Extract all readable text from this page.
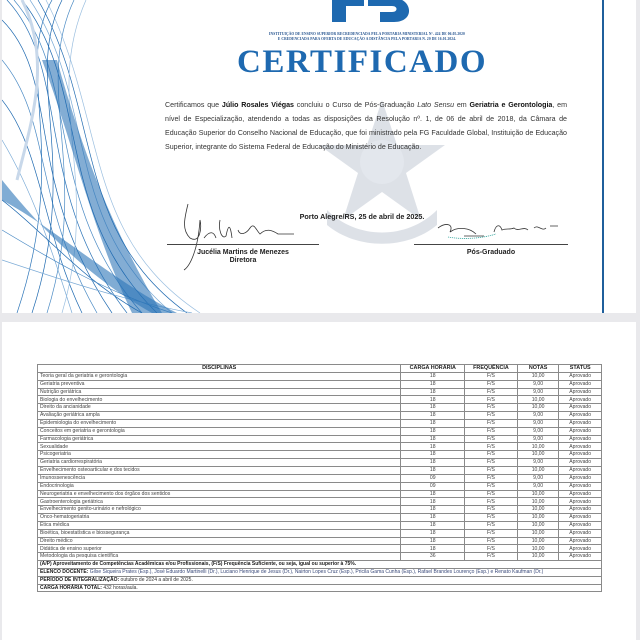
INSTITUIÇÃO DE ENSINO SUPERIOR RECREDENCIADA PELA PORTARIA MINISTERIAL Nº. 424 DE 06.05.2020
E CREDENCIADA PARA OFERTA DE EDUCAÇÃO A DISTÂNCIA PELA PORTARIA N. 20 DE 16.01.2024.
CERTIFICADO
Certificamos que Júlio Rosales Viégas concluiu o Curso de Pós-Graduação Lato Sensu em Geriatria e Gerontologia, em nível de Especialização, atendendo a todas as disposições da Resolução nº. 1, de 06 de abril de 2018, da Câmara de Educação Superior do Conselho Nacional de Educação, que foi ministrado pela FG Faculdade Global, Instituição de Educação Superior, integrante do Sistema Federal de Educação do Ministério de Educação.
Porto Alegre/RS, 25 de abril de 2025.
Jucélia Martins de Menezes
Diretora
Pós-Graduado
DISCIPLINAS	CARGA HORÁRIA	FREQUÊNCIA	NOTAS	STATUS
Teoria geral da geriatria e gerontologia	18	F/S	10,00	Aprovado
Geriatria preventiva	18	F/S	9,00	Aprovado
Nutrição geriátrica	18	F/S	9,00	Aprovado
Biologia do envelhecimento	18	F/S	10,00	Aprovado
Direito da ancianidade	18	F/S	10,00	Aprovado
Avaliação geriátrica ampla	18	F/S	9,00	Aprovado
Epidemiologia do envelhecimento	18	F/S	9,00	Aprovado
Conceitos em geriatria e gerontologia	18	F/S	9,00	Aprovado
Farmacologia geriátrica	18	F/S	9,00	Aprovado
Sexualidade	18	F/S	10,00	Aprovado
Psicogeriatria	18	F/S	10,00	Aprovado
Geriatria cardiorrespiratória	18	F/S	9,00	Aprovado
Envelhecimento osteoarticular e dos tecidos	18	F/S	10,00	Aprovado
Imunossenescência	09	F/S	9,00	Aprovado
Endocrinologia	09	F/S	9,00	Aprovado
Neurogeriatria e envelhecimento dos órgãos dos sentidos	18	F/S	10,00	Aprovado
Gastroenterologia geriátrica	18	F/S	10,00	Aprovado
Envelhecimento genito-urinário e nefrológico	18	F/S	10,00	Aprovado
Onco-hematogeriatria	18	F/S	10,00	Aprovado
Ética médica	18	F/S	10,00	Aprovado
Bioética, bioestatística e biossegurança	18	F/S	10,00	Aprovado
Direito médico	18	F/S	10,00	Aprovado
Didática de ensino superior	18	F/S	10,00	Aprovado
Metodologia da pesquisa científica	36	F/S	10,00	Aprovado
(A/P) Aproveitamento de Competências Acadêmicas e/ou Profissionais, (F/S) Frequência Suficiente, ou seja, igual ou superior à 75%.				
ELENCO DOCENTE: Gilse Siqueira Prates (Esp.), José Eduardo Martinelli (Dr.), Luciano Henrique de Jesus (Dr.), Nairton Lopes Cruz (Esp.), Pricila Gama Cunha (Esp.), Rafael Brandes Lourenço (Esp.) e Renato Kaufman (Dr.)				
PERÍODO DE INTEGRALIZAÇÃO: outubro de 2024 a abril de 2025.				
CARGA HORÁRIA TOTAL: 432 horas/aula.				
